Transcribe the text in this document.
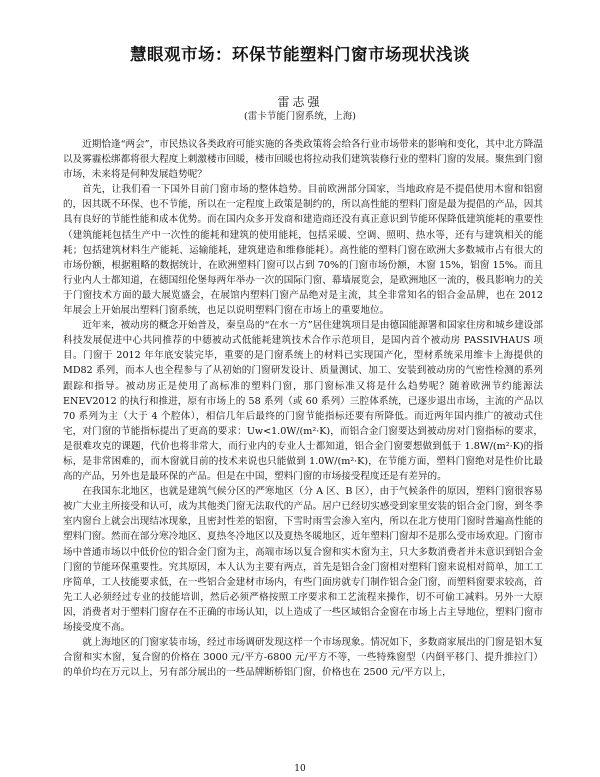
慧眼观市场：环保节能塑料门窗市场现状浅谈
雷志强
(雷卡节能门窗系统，上海)

近期恰逢“两会”，市民热议各类政府可能实施的各类政策将会给各行业市场带来的影响和变化，其中北方降温以及雾霾松绑都将很大程度上刺激楼市回暖，楼市回暖也将拉动我们建筑装修行业的塑料门窗的发展。聚焦到门窗市场，未来将是何种发展趋势呢？

首先，让我们看一下国外目前门窗市场的整体趋势。目前欧洲部分国家，当地政府是不提倡使用木窗和铝窗的，因其既不环保、也不节能，所以在一定程度上政策是制约的，所以高性能的塑料门窗是最为提倡的产品，因其具有良好的节能性能和成本优势。而在国内众多开发商和建造商还没有真正意识到节能环保降低建筑能耗的重要性（建筑能耗包括生产中一次性的能耗和建筑的使用能耗，包括采暖、空调、照明、热水等，还有与建筑相关的能耗；包括建筑材料生产能耗、运输能耗，建筑建造和维修能耗）。高性能的塑料门窗在欧洲大多数城市占有很大的市场份额，根据粗略的数据统计，在欧洲塑料门窗可以占到 70%的门窗市场份额，木窗 15%，铝窗 15%。而且行业内人士都知道，在德国纽伦堡每两年举办一次的国际门窗、幕墙展览会，是欧洲地区一流的，极具影响力的关于门窗技术方面的最大展览盛会，在展馆内塑料门窗产品绝对是主流，其全非常知名的铝合金品牌，也在 2012 年展会上开始展出塑料门窗系统，也足以说明塑料门窗在市场上的重要地位。

近年来，被动房的概念开始普及，秦皇岛的“在水一方”居住建筑项目是由德国能源署和国家住房和城乡建设部科技发展促进中心共同推荐的中德被动式低能耗建筑技术合作示范项目，是国内首个被动房 PASSIVHAUS 项目。门窗于 2012 年年底安装完毕，重要的是门窗系统上的材料已实现国产化，型材系统采用维卡上海提供的 MD82 系列，而本人也全程参与了从初始的门窗研发设计、质量测试、加工、安装到被动房的气密性检测的系列跟踪和指导。被动房正是使用了高标准的塑料门窗，那门窗标准又将是什么趋势呢？随着欧洲节约能源法 ENEV2012 的执行和推进，原有市场上的 58 系列（或 60 系列）三腔体系统，已逐步退出市场，主流的产品以 70 系列为主（大于 4 个腔体），相信几年后最终的门窗节能指标还要有所降低。而近两年国内推广的被动式住宅，对门窗的节能指标提出了更高的要求：Uw<1.0W/(m²·K)，而铝合金门窗要达到被动房对门窗指标的要求，是很难攻克的课题，代价也将非常大，而行业内的专业人士都知道，铝合金门窗要想做到低于 1.8W/(m²·K)的指标，是非常困难的，而木窗就目前的技术来说也只能做到 1.0W/(m²·K)，在节能方面，塑料门窗绝对是性价比最高的产品，另外也是最环保的产品。但是在中国，塑料门窗的市场接受程度还是有差异的。

在我国东北地区，也就是建筑气候分区的严寒地区（分 A 区、B 区），由于气候条件的原因，塑料门窗很容易被广大业主所接受和认可，成为其他类门窗无法取代的产品。居户已经切实感受到家里安装的铝合金门窗，到冬季室内窗台上就会出现结冰现象，且密封性差的铝窗，下雪时雨雪会渗入室内，所以在北方使用门窗时普遍高性能的塑料门窗。然而在部分寒冷地区、夏热冬冷地区以及夏热冬暖地区，近年塑料门窗却不是那么受市场欢迎。门窗市场中普通市场以中低价位的铝合金门窗为主，高端市场以复合窗和实木窗为主，只大多数消费者并未意识到铝合金门窗的节能环保重要性。究其原因，本人认为主要有两点，首先是铝合金门窗相对塑料门窗来说相对简单，加工工序简单，工人技能要求低，在一些铝合金建材市场内，有些门面房就专门制作铝合金门窗，而塑料窗要求较高，首先工人必须经过专业的技能培训，然后必须严格按照工序要求和工艺流程来操作，切不可偷工减料。另外一大原因，消费者对于塑料门窗存在不正确的市场认知，以上造成了一些区域铝合金窗在市场上占主导地位，塑料门窗市场接受度不高。

就上海地区的门窗家装市场，经过市场调研发现这样一个市场现象。情况如下，多数商家展出的门窗是铝木复合窗和实木窗，复合窗的价格在 3000 元/平方-6800 元/平方不等，一些特殊窗型（内倒平移门、提升推拉门）的单价均在万元以上，另有部分展出的一些品牌断桥铝门窗，价格也在 2500 元/平方以上，

10
